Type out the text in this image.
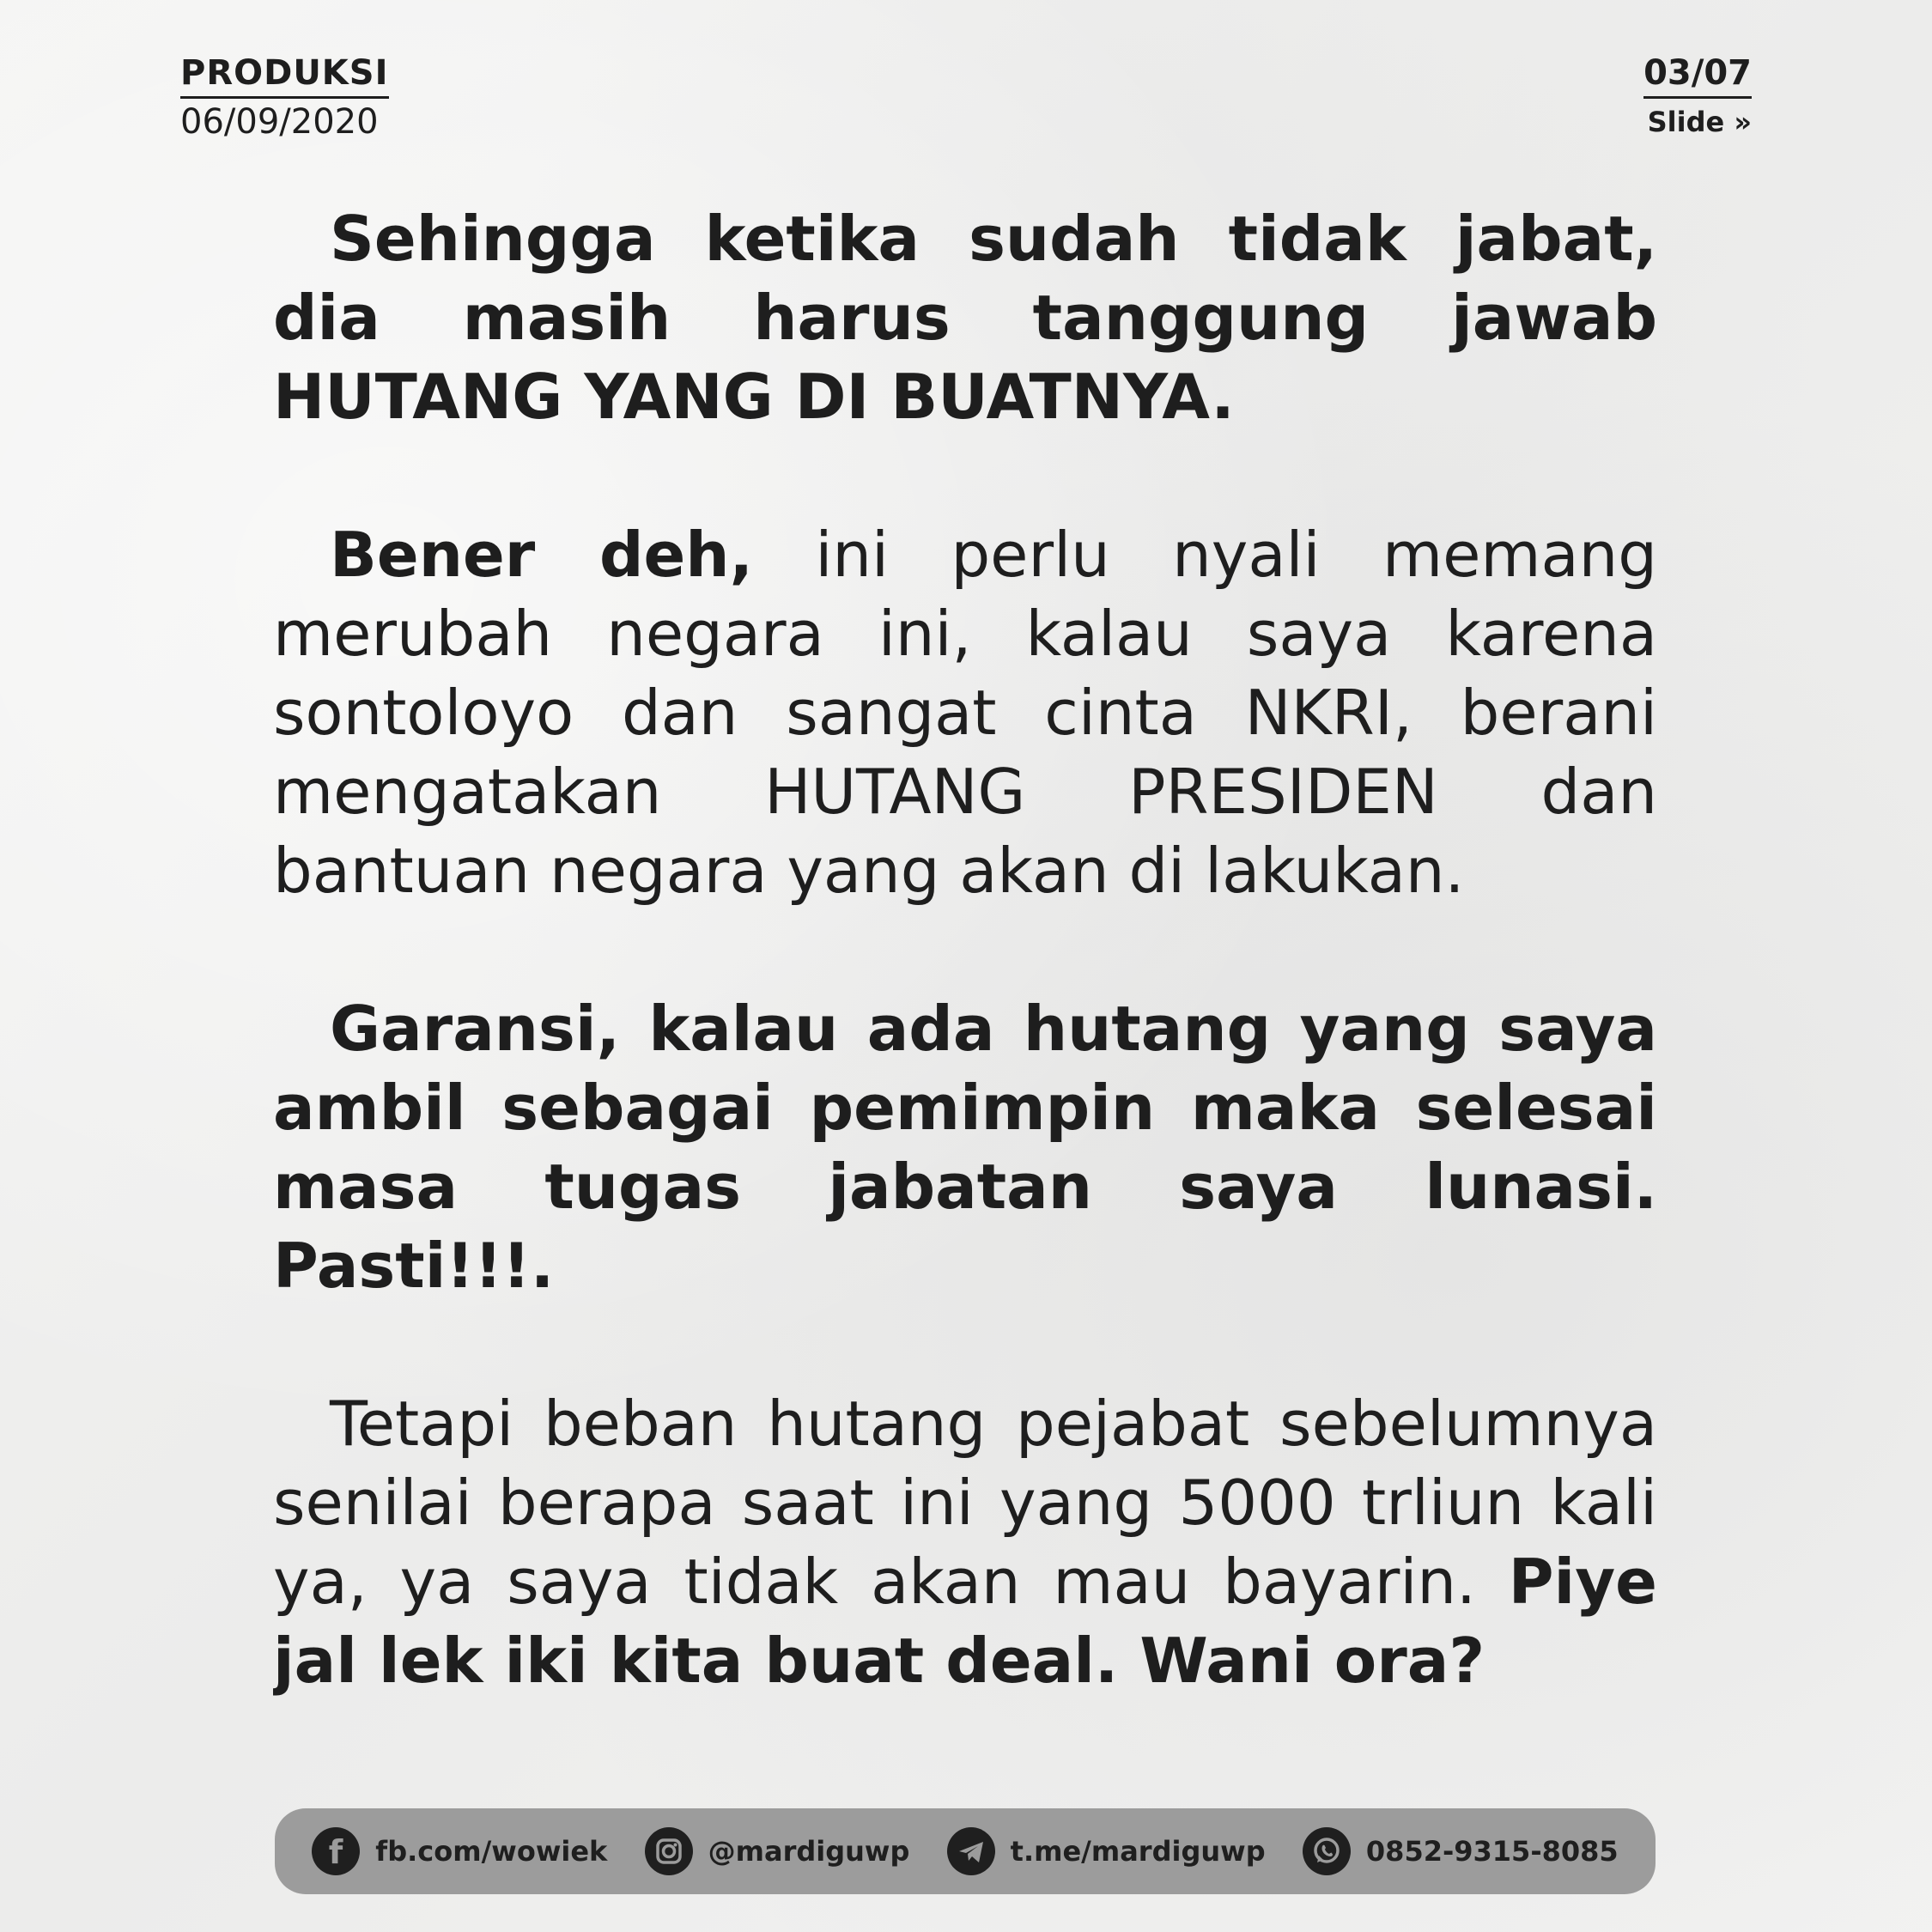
PRODUKSI
06/09/2020
03/07
Slide »

Sehingga ketika sudah tidak jabat, dia masih harus tanggung jawab HUTANG YANG DI BUATNYA.

Bener deh, ini perlu nyali memang merubah negara ini, kalau saya karena sontoloyo dan sangat cinta NKRI, berani mengatakan HUTANG PRESIDEN dan bantuan negara yang akan di lakukan.

Garansi, kalau ada hutang yang saya ambil sebagai pemimpin maka selesai masa tugas jabatan saya lunasi. Pasti!!!.

Tetapi beban hutang pejabat sebelumnya senilai berapa saat ini yang 5000 trliun kali ya, ya saya tidak akan mau bayarin. Piye jal lek iki kita buat deal. Wani ora?

f fb.com/wowiek	@mardiguwp	t.me/mardiguwp	0852-9315-8085
